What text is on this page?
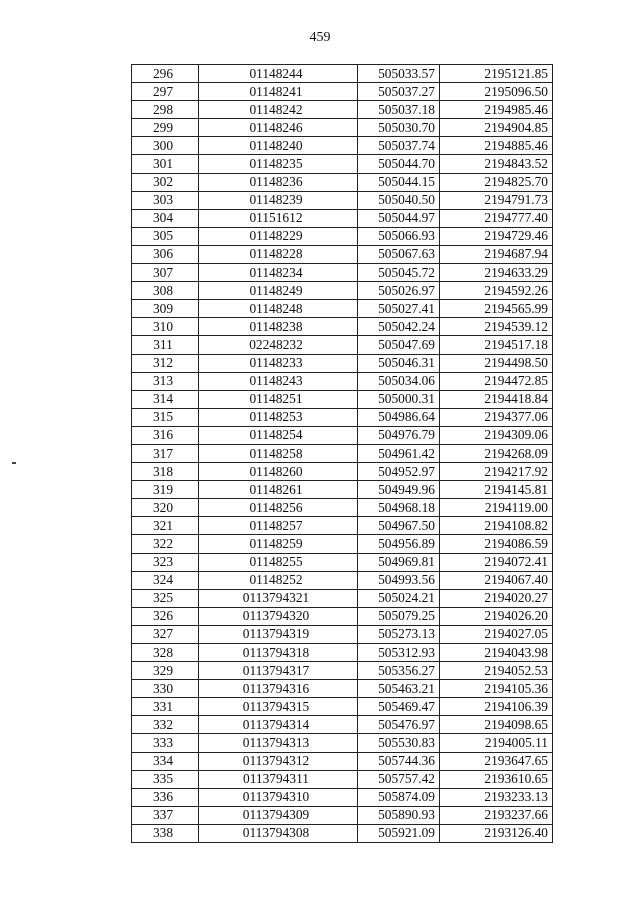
459
296	01148244	505033.57	2195121.85
297	01148241	505037.27	2195096.50
298	01148242	505037.18	2194985.46
299	01148246	505030.70	2194904.85
300	01148240	505037.74	2194885.46
301	01148235	505044.70	2194843.52
302	01148236	505044.15	2194825.70
303	01148239	505040.50	2194791.73
304	01151612	505044.97	2194777.40
305	01148229	505066.93	2194729.46
306	01148228	505067.63	2194687.94
307	01148234	505045.72	2194633.29
308	01148249	505026.97	2194592.26
309	01148248	505027.41	2194565.99
310	01148238	505042.24	2194539.12
311	02248232	505047.69	2194517.18
312	01148233	505046.31	2194498.50
313	01148243	505034.06	2194472.85
314	01148251	505000.31	2194418.84
315	01148253	504986.64	2194377.06
316	01148254	504976.79	2194309.06
317	01148258	504961.42	2194268.09
318	01148260	504952.97	2194217.92
319	01148261	504949.96	2194145.81
320	01148256	504968.18	2194119.00
321	01148257	504967.50	2194108.82
322	01148259	504956.89	2194086.59
323	01148255	504969.81	2194072.41
324	01148252	504993.56	2194067.40
325	0113794321	505024.21	2194020.27
326	0113794320	505079.25	2194026.20
327	0113794319	505273.13	2194027.05
328	0113794318	505312.93	2194043.98
329	0113794317	505356.27	2194052.53
330	0113794316	505463.21	2194105.36
331	0113794315	505469.47	2194106.39
332	0113794314	505476.97	2194098.65
333	0113794313	505530.83	2194005.11
334	0113794312	505744.36	2193647.65
335	0113794311	505757.42	2193610.65
336	0113794310	505874.09	2193233.13
337	0113794309	505890.93	2193237.66
338	0113794308	505921.09	2193126.40
